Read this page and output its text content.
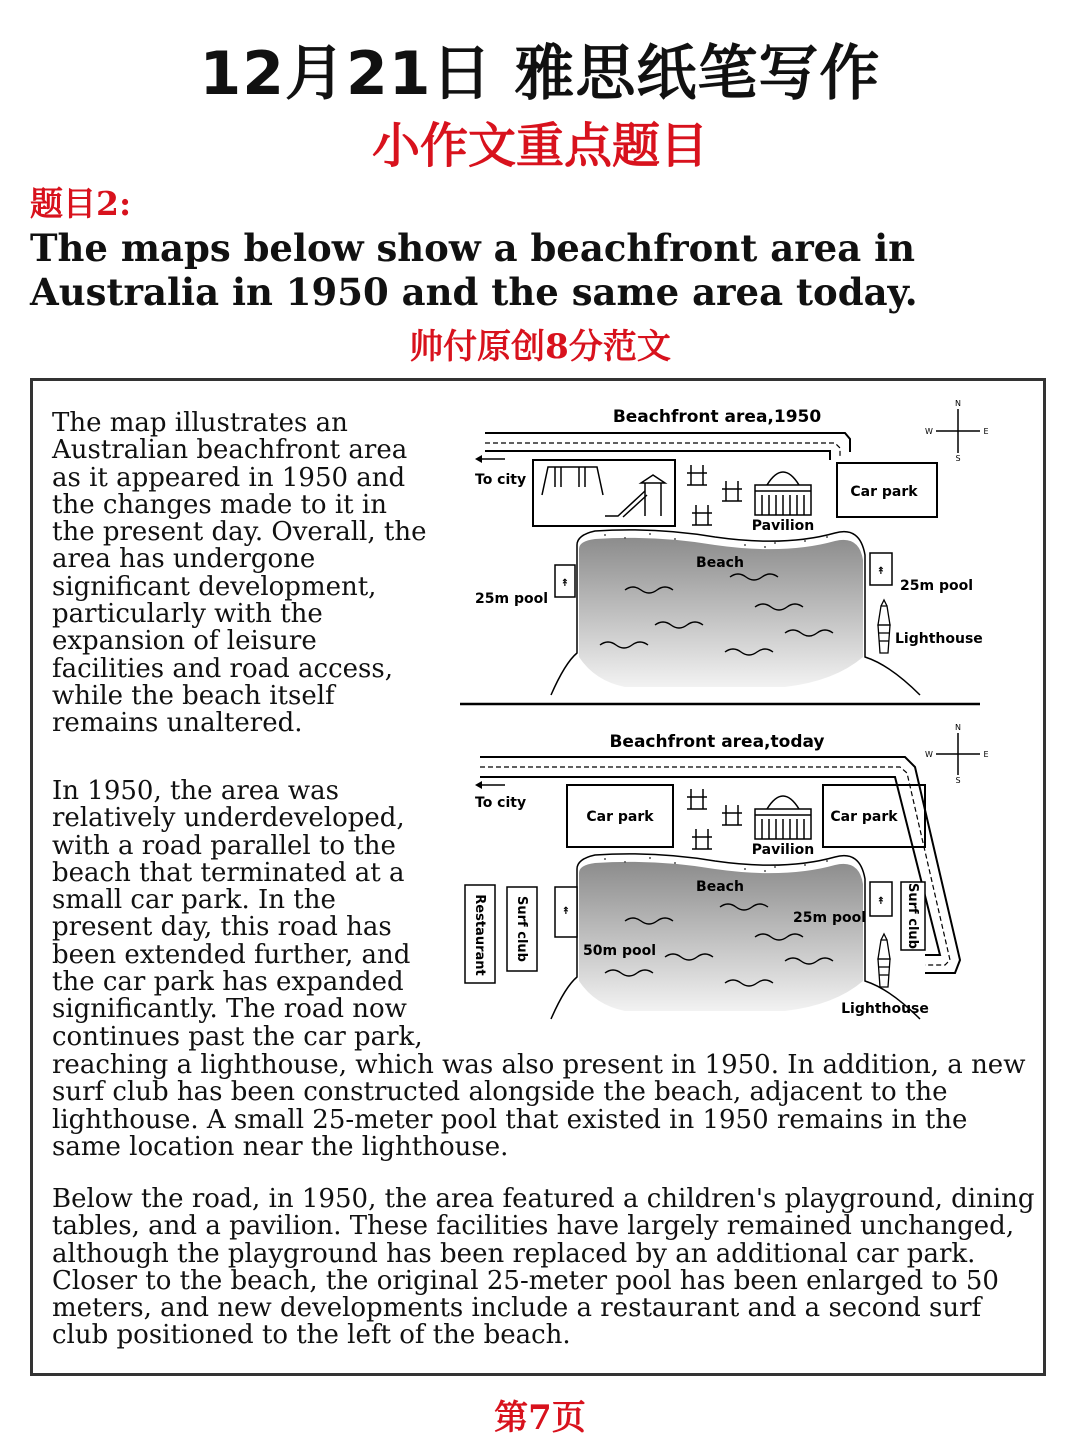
12月21日 雅思纸笔写作
小作文重点题目
题目2:
The maps below show a beachfront area in Australia in 1950 and the same area today.
帅付原创8分范文

The map illustrates an Australian beachfront area as it appeared in 1950 and the changes made to it in the present day. Overall, the area has undergone significant development, particularly with the expansion of leisure facilities and road access, while the beach itself remains unaltered.

In 1950, the area was relatively underdeveloped, with a road parallel to the beach that terminated at a small car park. In the present day, this road has been extended further, and the car park has expanded significantly. The road now continues past the car park,

reaching a lighthouse, which was also present in 1950. In addition, a new surf club has been constructed alongside the beach, adjacent to the lighthouse. A small 25-meter pool that existed in 1950 remains in the same location near the lighthouse.

Below the road, in 1950, the area featured a children's playground, dining tables, and a pavilion. These facilities have largely remained unchanged, although the playground has been replaced by an additional car park. Closer to the beach, the original 25-meter pool has been enlarged to 50 meters, and new developments include a restaurant and a second surf club positioned to the left of the beach.

Beachfront area,1950
N
S
W	E
To city
Pavilion
Car park
Beach
↟
25m pool
↟
25m pool
Lighthouse
Beachfront area,today
N
S
W	E
To city
Car park
Pavilion
Car park
Restaurant Surf club
Beach
↟
50m pool
↟
25m pool	Surf club
Lighthouse
第7页
